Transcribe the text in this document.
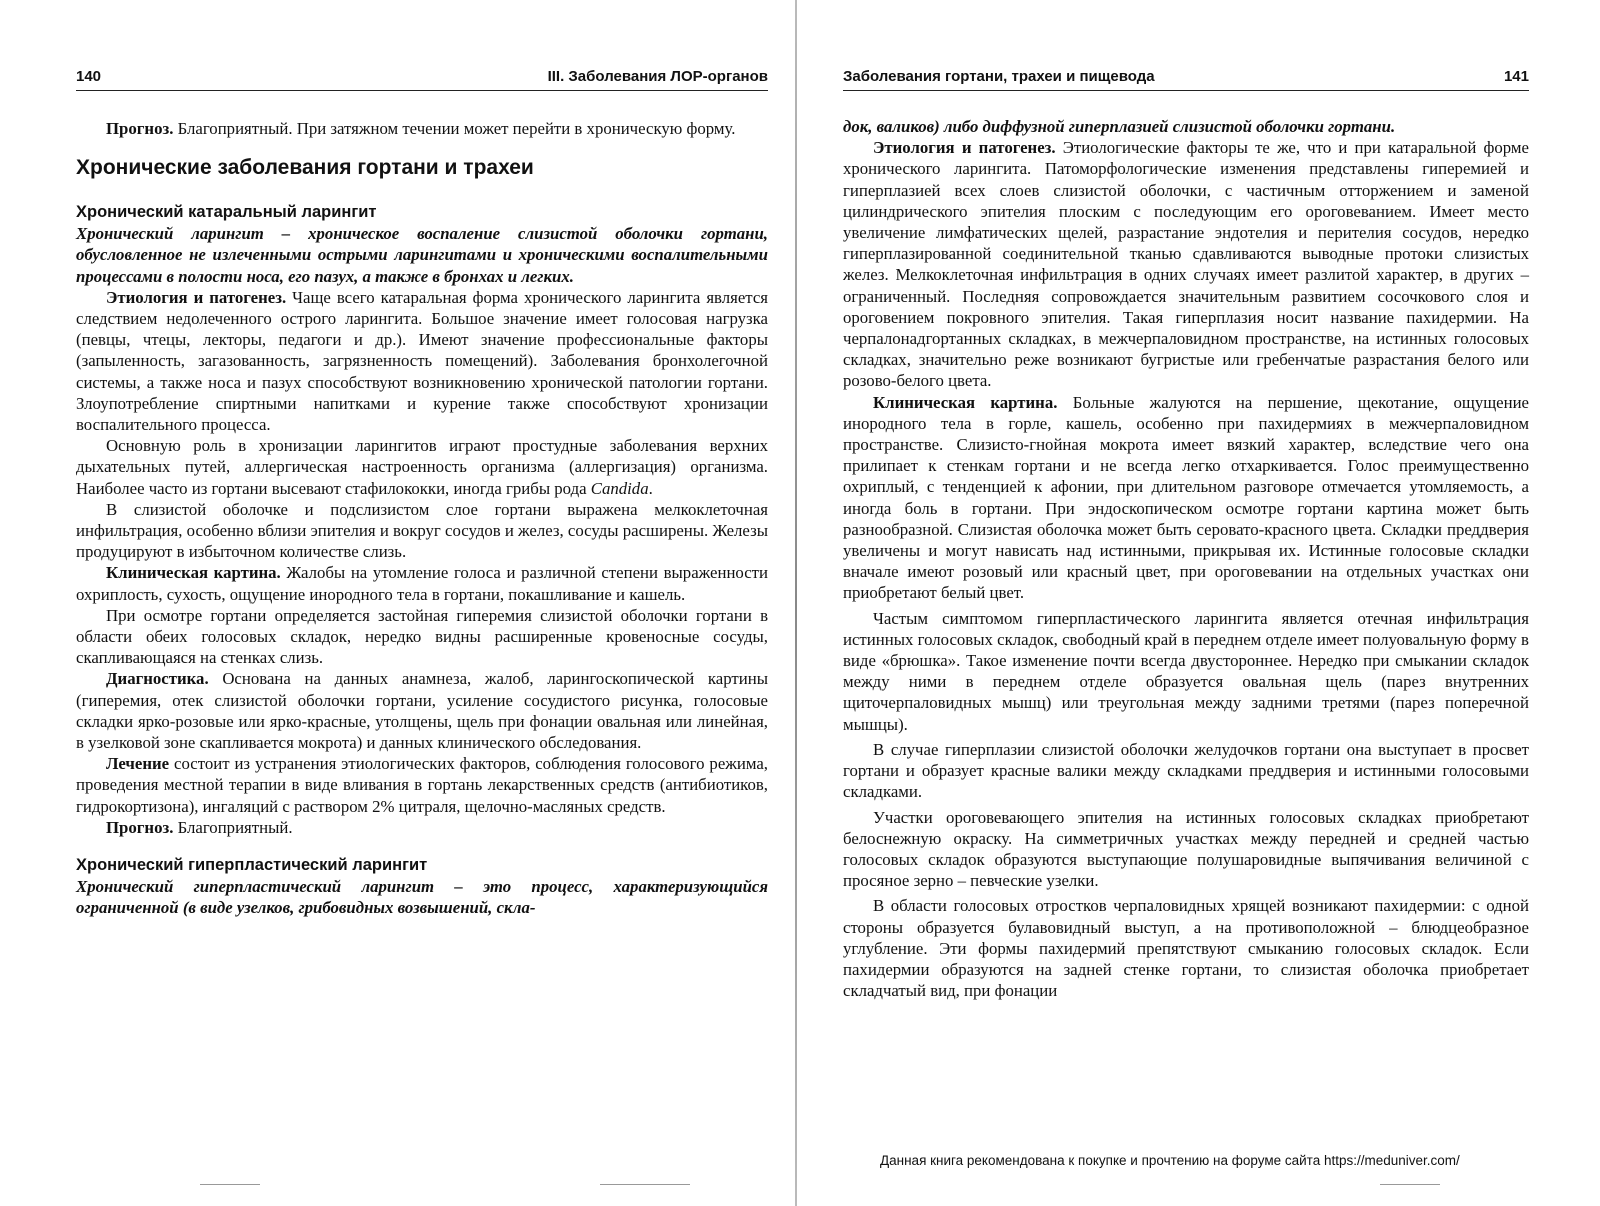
140	III. Заболевания ЛОР-органов

Прогноз. Благоприятный. При затяжном течении может перейти в хроническую форму.

Хронические заболевания гортани и трахеи
Хронический катаральный ларингит

Хронический ларингит – хроническое воспаление слизистой оболочки гортани, обусловленное не излеченными острыми ларингитами и хроническими воспалительными процессами в полости носа, его пазух, а также в бронхах и легких.

Этиология и патогенез. Чаще всего катаральная форма хронического ларингита является следствием недолеченного острого ларингита. Большое значение имеет голосовая нагрузка (певцы, чтецы, лекторы, педагоги и др.). Имеют значение профессиональные факторы (запыленность, загазованность, загрязненность помещений). Заболевания бронхолегочной системы, а также носа и пазух способствуют возникновению хронической патологии гортани. Злоупотребление спиртными напитками и курение также способствуют хронизации воспалительного процесса.

Основную роль в хронизации ларингитов играют простудные заболевания верхних дыхательных путей, аллергическая настроенность организма (аллергизация) организма. Наиболее часто из гортани высевают стафилококки, иногда грибы рода Candida.

В слизистой оболочке и подслизистом слое гортани выражена мелкоклеточная инфильтрация, особенно вблизи эпителия и вокруг сосудов и желез, сосуды расширены. Железы продуцируют в избыточном количестве слизь.

Клиническая картина. Жалобы на утомление голоса и различной степени выраженности охриплость, сухость, ощущение инородного тела в гортани, покашливание и кашель.

При осмотре гортани определяется застойная гиперемия слизистой оболочки гортани в области обеих голосовых складок, нередко видны расширенные кровеносные сосуды, скапливающаяся на стенках слизь.

Диагностика. Основана на данных анамнеза, жалоб, ларингоскопической картины (гиперемия, отек слизистой оболочки гортани, усиление сосудистого рисунка, голосовые складки ярко-розовые или ярко-красные, утолщены, щель при фонации овальная или линейная, в узелковой зоне скапливается мокрота) и данных клинического обследования.

Лечение состоит из устранения этиологических факторов, соблюдения голосового режима, проведения местной терапии в виде вливания в гортань лекарственных средств (антибиотиков, гидрокортизона), ингаляций с раствором 2% цитраля, щелочно-масляных средств.

Прогноз. Благоприятный.

Хронический гиперпластический ларингит

Хронический гиперпластический ларингит – это процесс, характеризующийся ограниченной (в виде узелков, грибовидных возвышений, скла-

Заболевания гортани, трахеи и пищевода	141

док, валиков) либо диффузной гиперплазией слизистой оболочки гортани.

Этиология и патогенез. Этиологические факторы те же, что и при катаральной форме хронического ларингита. Патоморфологические изменения представлены гиперемией и гиперплазией всех слоев слизистой оболочки, с частичным отторжением и заменой цилиндрического эпителия плоским с последующим его ороговеванием. Имеет место увеличение лимфатических щелей, разрастание эндотелия и перителия сосудов, нередко гиперплазированной соединительной тканью сдавливаются выводные протоки слизистых желез. Мелкоклеточная инфильтрация в одних случаях имеет разлитой характер, в других – ограниченный. Последняя сопровождается значительным развитием сосочкового слоя и ороговением покровного эпителия. Такая гиперплазия носит название пахидермии. На черпалонадгортанных складках, в межчерпаловидном пространстве, на истинных голосовых складках, значительно реже возникают бугристые или гребенчатые разрастания белого или розово-белого цвета.

Клиническая картина. Больные жалуются на першение, щекотание, ощущение инородного тела в горле, кашель, особенно при пахидермиях в межчерпаловидном пространстве. Слизисто-гнойная мокрота имеет вязкий характер, вследствие чего она прилипает к стенкам гортани и не всегда легко отхаркивается. Голос преимущественно охриплый, с тенденцией к афонии, при длительном разговоре отмечается утомляемость, а иногда боль в гортани. При эндоскопическом осмотре гортани картина может быть разнообразной. Слизистая оболочка может быть серовато-красного цвета. Складки преддверия увеличены и могут нависать над истинными, прикрывая их. Истинные голосовые складки вначале имеют розовый или красный цвет, при ороговевании на отдельных участках они приобретают белый цвет.

Частым симптомом гиперпластического ларингита является отечная инфильтрация истинных голосовых складок, свободный край в переднем отделе имеет полуовальную форму в виде «брюшка». Такое изменение почти всегда двустороннее. Нередко при смыкании складок между ними в переднем отделе образуется овальная щель (парез внутренних щиточерпаловидных мышц) или треугольная между задними третями (парез поперечной мышцы).

В случае гиперплазии слизистой оболочки желудочков гортани она выступает в просвет гортани и образует красные валики между складками преддверия и истинными голосовыми складками.

Участки ороговевающего эпителия на истинных голосовых складках приобретают белоснежную окраску. На симметричных участках между передней и средней частью голосовых складок образуются выступающие полушаровидные выпячивания величиной с просяное зерно – певческие узелки.

В области голосовых отростков черпаловидных хрящей возникают пахидермии: с одной стороны образуется булавовидный выступ, а на противоположной – блюдцеобразное углубление. Эти формы пахидермий препятствуют смыканию голосовых складок. Если пахидермии образуются на задней стенке гортани, то слизистая оболочка приобретает складчатый вид, при фонации

Данная книга рекомендована к покупке и прочтению на форуме сайта https://meduniver.com/
